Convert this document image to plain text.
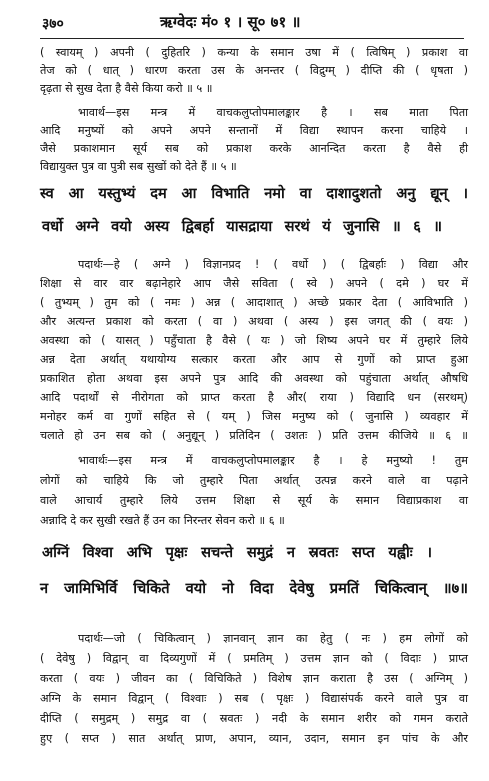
३७०	ऋग्वेदः मं० १ । सू० ७१ ॥
( स्वायम् ) अपनी ( दुहितरि ) कन्या के समान उषा में ( त्विषिम् ) प्रकाश वा
तेज को ( धात् ) धारण करता उस के अनन्तर ( विद्रुग्म् ) दीप्ति की ( धृषता )
दृढ़ता से सुख देता है वैसे किया करो ॥ ५ ॥
भावार्थ—इस मन्त्र में वाचकलुप्तोपमालङ्कार है । सब माता पिता
आदि मनुष्यों को अपने अपने सन्तानों में विद्या स्थापन करना चाहिये ।
जैसे प्रकाशमान सूर्य सब को प्रकाश करके आनन्दित करता है वैसे ही
विद्यायुक्त पुत्र वा पुत्री सब सुखों को देते हैं ॥ ५ ॥
स्व आ यस्तुभ्यं दम आ विभाति नमो वा दाशादुशतो अनु द्यून् ।
वर्धो अग्ने वयो अस्य द्विबर्हा यासद्राया सरथं यं जुनासि ॥ ६ ॥
पदार्थः—हे ( अग्ने ) विज्ञानप्रद ! ( वर्धो ) ( द्विबर्हाः ) विद्या और
शिक्षा से वार वार बढ़ानेहारे आप जैसे सविता ( स्वे ) अपने ( दमे ) घर में
( तुभ्यम् ) तुम को ( नमः ) अन्न ( आदाशात् ) अच्छे प्रकार देता ( आविभाति )
और अत्यन्त प्रकाश को करता ( वा ) अथवा ( अस्य ) इस जगत् की ( वयः )
अवस्था को ( यासत् ) पहुँचाता है वैसे ( यः ) जो शिष्य अपने घर में तुम्हारे लिये
अन्न देता अर्थात् यथायोग्य सत्कार करता और आप से गुणों को प्राप्त हुआ
प्रकाशित होता अथवा इस अपने पुत्र आदि की अवस्था को पहुंचाता अर्थात् औषधि
आदि पदार्थों से नीरोगता को प्राप्त करता है और( राया ) विद्यादि धन (सरथम्)
मनोहर कर्म वा गुणों सहित से ( यम् ) जिस मनुष्य को ( जुनासि ) व्यवहार में
चलाते हो उन सब को ( अनुद्यून् ) प्रतिदिन ( उशतः ) प्रति उत्तम कीजिये ॥ ६ ॥
भावार्थः—इस मन्त्र में वाचकलुप्तोपमालङ्कार है । हे मनुष्यो ! तुम
लोगों को चाहिये कि जो तुम्हारे पिता अर्थात् उत्पन्न करने वाले वा पढ़ाने
वाले आचार्य तुम्हारे लिये उत्तम शिक्षा से सूर्य के समान विद्याप्रकाश वा
अन्नादि दे कर सुखी रखते हैं उन का निरन्तर सेवन करो ॥ ६ ॥
अग्निं विश्वा अभि पृक्षः सचन्ते समुद्रं न स्रवतः सप्त यह्वीः ।
न जामिभिर्वि चिकिते वयो नो विदा देवेषु प्रमतिं चिकित्वान् ॥७॥
पदार्थः—जो ( चिकित्वान् ) ज्ञानवान् ज्ञान का हेतु ( नः ) हम लोगों को
( देवेषु ) विद्वान् वा दिव्यगुणों में ( प्रमतिम् ) उत्तम ज्ञान को ( विदाः ) प्राप्त
करता ( वयः ) जीवन का ( विचिकिते ) विशेष ज्ञान कराता है उस ( अग्निम् )
अग्नि के समान विद्वान् ( विश्वाः ) सब ( पृक्षः ) विद्यासंपर्क करने वाले पुत्र वा
दीप्ति ( समुद्रम् ) समुद्र वा ( स्रवतः ) नदी के समान शरीर को गमन कराते
हुए ( सप्त ) सात अर्थात् प्राण, अपान, व्यान, उदान, समान इन पांच के और
